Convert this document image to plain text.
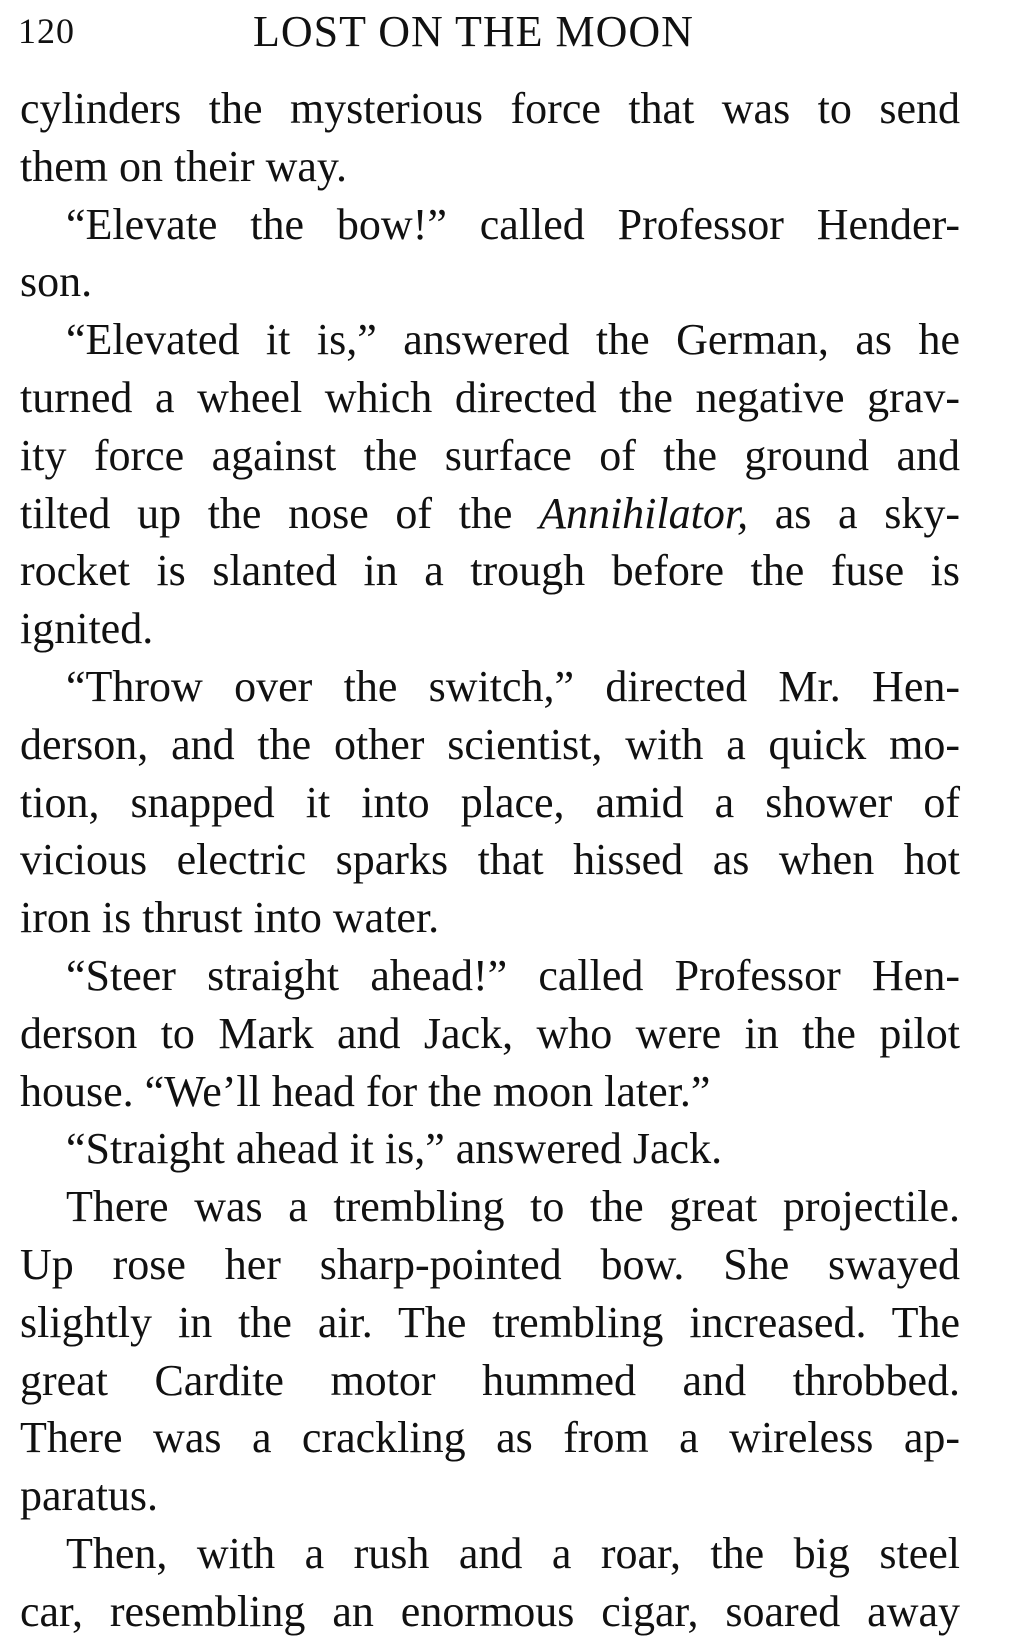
120	LOST ON THE MOON
cylinders the mysterious force that was to send
them on their way.
“Elevate the bow!” called Professor Hender-
son.
“Elevated it is,” answered the German, as he
turned a wheel which directed the negative grav-
ity force against the surface of the ground and
tilted up the nose of the Annihilator, as a sky-
rocket is slanted in a trough before the fuse is
ignited.
“Throw over the switch,” directed Mr. Hen-
derson, and the other scientist, with a quick mo-
tion, snapped it into place, amid a shower of
vicious electric sparks that hissed as when hot
iron is thrust into water.
“Steer straight ahead!” called Professor Hen-
derson to Mark and Jack, who were in the pilot
house. “We’ll head for the moon later.”
“Straight ahead it is,” answered Jack.
There was a trembling to the great projectile.
Up rose her sharp-pointed bow. She swayed
slightly in the air. The trembling increased. The
great Cardite motor hummed and throbbed.
There was a crackling as from a wireless ap-
paratus.
Then, with a rush and a roar, the big steel
car, resembling an enormous cigar, soared away
